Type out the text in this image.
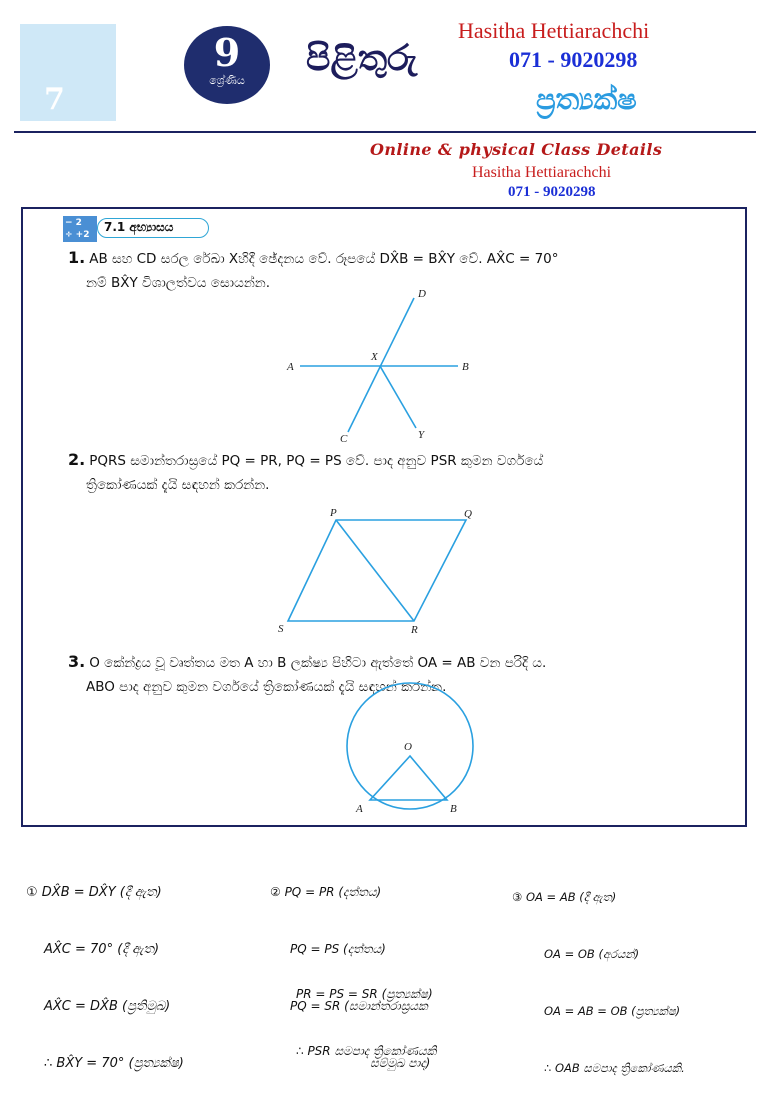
7
9
ශ්‍රේණිය
පිළිතුරු
Hasitha Hettiarachchi
071 - 9020298
ප්‍රත්‍යක්ෂ
Online & physical Class Details
Hasitha Hettiarachchi
071 - 9020298
− 2
÷ +2
7.1 අභ්‍යාසය
1. AB සහ CD සරල රේඛා Xහිදී ඡේදනය වේ. රූපයේ DX̂B = BX̂Y වේ. AX̂C = 70°
නම් BX̂Y විශාලත්වය සොයන්න.
2. PQRS සමාන්තරාස්‍රයේ PQ = PR, PQ = PS වේ. පාද අනුව PSR කුමන වර්ගයේ
ත්‍රිකෝණයක් දැයි සඳහන් කරන්න.
3. O කේන්ද්‍රය වූ වෘත්තය මත A හා B ලක්ෂ්‍ය පිහිටා ඇත්තේ OA = AB වන පරිදි ය.
ABO පාද අනුව කුමන වර්ගයේ ත්‍රිකෝණයක් දැයි සඳහන් කරන්න.
D
A	B
X
C	Y
P	Q
R
S
O
A	B

① DX̂B = DX̂Y (දී ඇත)

AX̂C = 70° (දී ඇත)

AX̂C = DX̂B (ප්‍රතිමුඛ)

∴ BX̂Y = 70° (ප්‍රත්‍යක්ෂ)

② PQ = PR (දත්තය)

PQ = PS (දත්තය)

PQ = SR (සමාන්තරාස්‍රයක

සම්මුඛ පාද)

PR = PS = SR (ප්‍රත්‍යක්ෂ)

∴ PSR සමපාද ත්‍රිකෝණයකි

③ OA = AB (දී ඇත)

OA = OB (අරයන්)

OA = AB = OB (ප්‍රත්‍යක්ෂ)

∴ OAB සමපාද ත්‍රිකෝණයකි.
